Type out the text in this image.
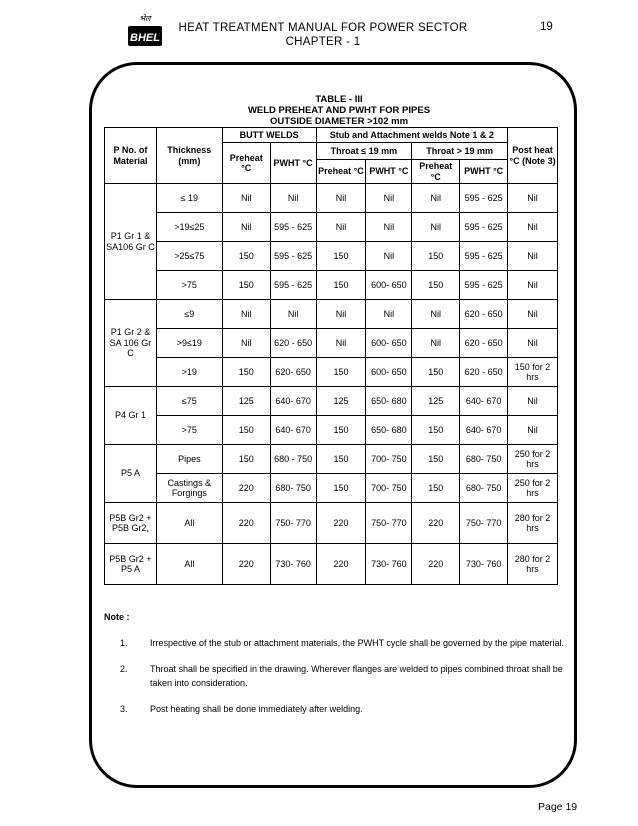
भेल
BHEL
HEAT TREATMENT MANUAL FOR POWER SECTOR
CHAPTER - 1
19
TABLE - III
WELD PREHEAT AND PWHT FOR PIPES
OUTSIDE DIAMETER >102 mm
P No. of Material	Thickness (mm)	BUTT WELDS		Stub and Attachment welds Note 1 & 2				Post heat °C (Note 3)
		Preheat °C	PWHT °C	Throat ≤ 19 mm		Throat > 19 mm		
				Preheat °C	PWHT °C	Preheat °C	PWHT °C	
P1 Gr 1 & SA106 Gr C	≤ 19	Nil	Nil	Nil	Nil	Nil	595 - 625	Nil
	>19≤25	Nil	595 - 625	Nil	Nil	Nil	595 - 625	Nil
	>25≤75	150	595 - 625	150	Nil	150	595 - 625	Nil
	>75	150	595 - 625	150	600- 650	150	595 - 625	Nil
P1 Gr 2 & SA 106 Gr C	≤9	Nil	Nil	Nil	Nil	Nil	620 - 650	Nil
	>9≤19	Nil	620 - 650	Nil	600- 650	Nil	620 - 650	Nil
	>19	150	620- 650	150	600- 650	150	620 - 650	150 for 2 hrs
P4 Gr 1	≤75	125	640- 670	125	650- 680	125	640- 670	Nil
	>75	150	640- 670	150	650- 680	150	640- 670	Nil
P5 A	Pipes	150	680 - 750	150	700- 750	150	680- 750	250 for 2 hrs
	Castings & Forgings	220	680- 750	150	700- 750	150	680- 750	250 for 2 hrs
P5B Gr2 + P5B Gr2,	All	220	750- 770	220	750- 770	220	750- 770	280 for 2 hrs
P5B Gr2 + P5 A	All	220	730- 760	220	730- 760	220	730- 760	280 for 2 hrs
Note :
1. Irrespective of the stub or attachment materials, the PWHT cycle shall be governed by the pipe material.
2. Throat shall be specified in the drawing. Wherever flanges are welded to pipes combined throat shall be taken into consideration.
3. Post heating shall be done immediately after welding.
Page 19
